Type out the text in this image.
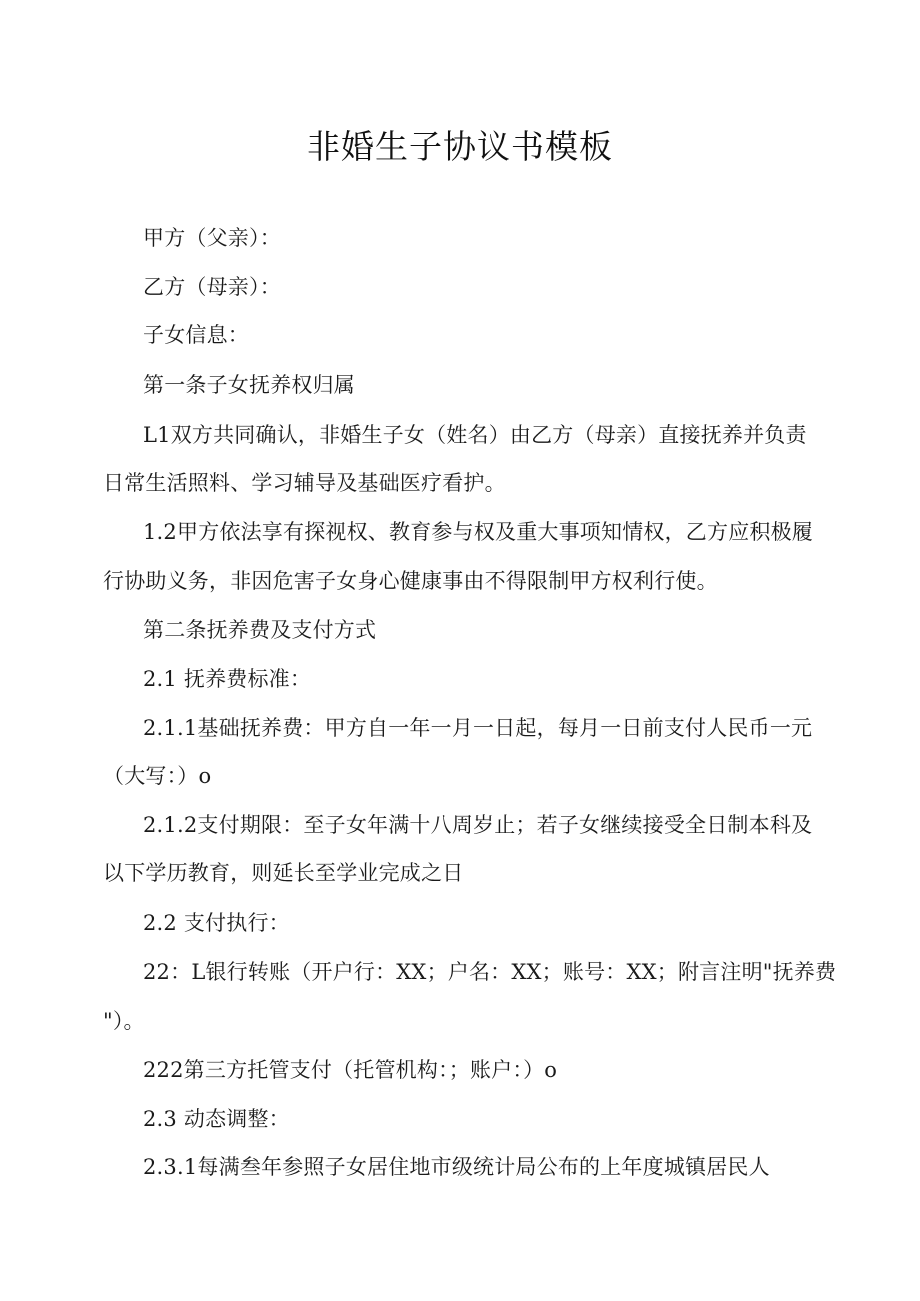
非婚生子协议书模板
甲方（父亲）：
乙方（母亲）：
子女信息：
第一条子女抚养权归属
L1双方共同确认，非婚生子女（姓名）由乙方（母亲）直接抚养并负责
日常生活照料、学习辅导及基础医疗看护。
1.2甲方依法享有探视权、教育参与权及重大事项知情权，乙方应积极履
行协助义务，非因危害子女身心健康事由不得限制甲方权利行使。
第二条抚养费及支付方式
2.1 抚养费标准：
2.1.1基础抚养费：甲方自一年一月一日起，每月一日前支付人民币一元
（大写：）o
2.1.2支付期限：至子女年满十八周岁止；若子女继续接受全日制本科及
以下学历教育，则延长至学业完成之日
2.2 支付执行：
22：L银行转账（开户行：XX；户名：XX；账号：XX；附言注明"抚养费
"）。
222第三方托管支付（托管机构：；账户：）o
2.3 动态调整：
2.3.1每满叁年参照子女居住地市级统计局公布的上年度城镇居民人
